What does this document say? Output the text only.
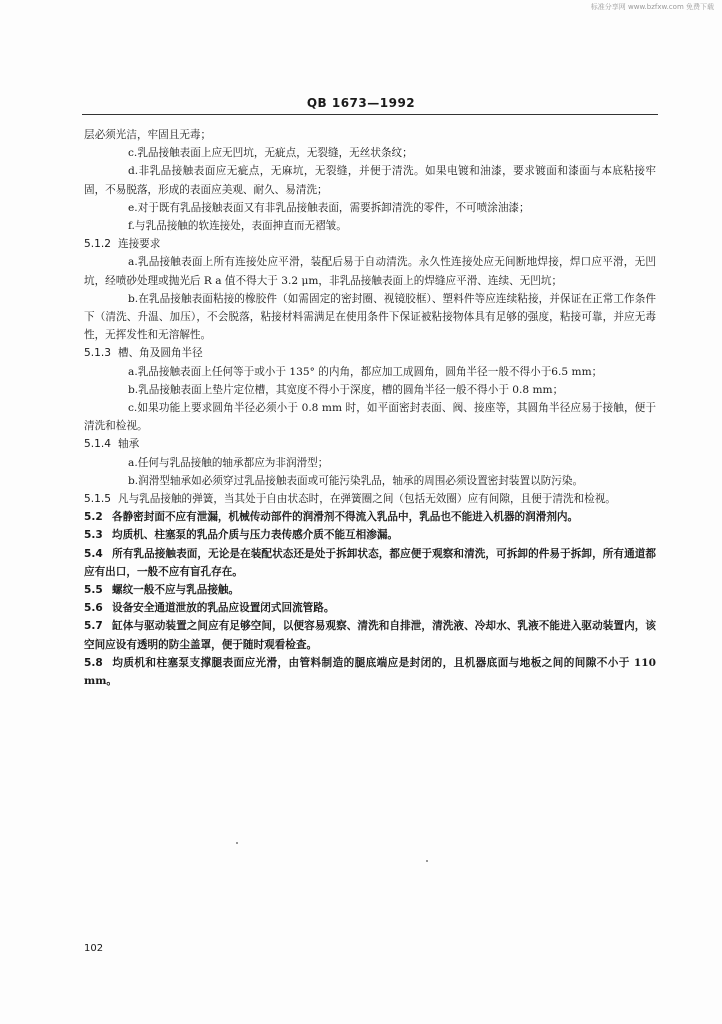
标准分享网 www.bzfxw.com 免费下载
QB 1673—1992

层必须光洁，牢固且无毒；

c.乳品接触表面上应无凹坑，无疵点，无裂缝，无丝状条纹；

d.非乳品接触表面应无疵点，无麻坑，无裂缝，并便于清洗。如果电镀和油漆，要求镀面和漆面与本底粘接牢固，不易脱落，形成的表面应美观、耐久、易清洗；

e.对于既有乳品接触表面又有非乳品接触表面，需要拆卸清洗的零件，不可喷涂油漆；

f.与乳品接触的软连接处，表面抻直而无褶皱。

5.1.2 连接要求

a.乳品接触表面上所有连接处应平滑，装配后易于自动清洗。永久性连接处应无间断地焊接，焊口应平滑，无凹坑，经喷砂处理或抛光后 R a 值不得大于 3.2 μm，非乳品接触表面上的焊缝应平滑、连续、无凹坑；

b.在乳品接触表面粘接的橡胶件（如需固定的密封圈、视镜胶框）、塑料件等应连续粘接，并保证在正常工作条件下（清洗、升温、加压），不会脱落，粘接材料需满足在使用条件下保证被粘接物体具有足够的强度，粘接可靠，并应无毒性，无挥发性和无溶解性。

5.1.3 槽、角及圆角半径

a.乳品接触表面上任何等于或小于 135° 的内角，都应加工成圆角，圆角半径一般不得小于6.5 mm；

b.乳品接触表面上垫片定位槽，其宽度不得小于深度，槽的圆角半径一般不得小于 0.8 mm；

c.如果功能上要求圆角半径必须小于 0.8 mm 时，如平面密封表面、阀、接座等，其圆角半径应易于接触，便于清洗和检视。

5.1.4 轴承

a.任何与乳品接触的轴承都应为非润滑型；

b.润滑型轴承如必须穿过乳品接触表面或可能污染乳品，轴承的周围必须设置密封装置以防污染。

5.1.5 凡与乳品接触的弹簧，当其处于自由状态时，在弹簧圈之间（包括无效圈）应有间隙，且便于清洗和检视。

5.2 各静密封面不应有泄漏，机械传动部件的润滑剂不得流入乳品中，乳品也不能进入机器的润滑剂内。

5.3 均质机、柱塞泵的乳品介质与压力表传感介质不能互相渗漏。

5.4 所有乳品接触表面，无论是在装配状态还是处于拆卸状态，都应便于观察和清洗，可拆卸的件易于拆卸，所有通道都应有出口，一般不应有盲孔存在。

5.5 螺纹一般不应与乳品接触。

5.6 设备安全通道泄放的乳品应设置闭式回流管路。

5.7 缸体与驱动装置之间应有足够空间，以便容易观察、清洗和自排泄，清洗液、冷却水、乳液不能进入驱动装置内，该空间应设有透明的防尘盖罩，便于随时观看检查。

5.8 均质机和柱塞泵支撑腿表面应光滑，由管料制造的腿底端应是封闭的，且机器底面与地板之间的间隙不小于 110 mm。

102
